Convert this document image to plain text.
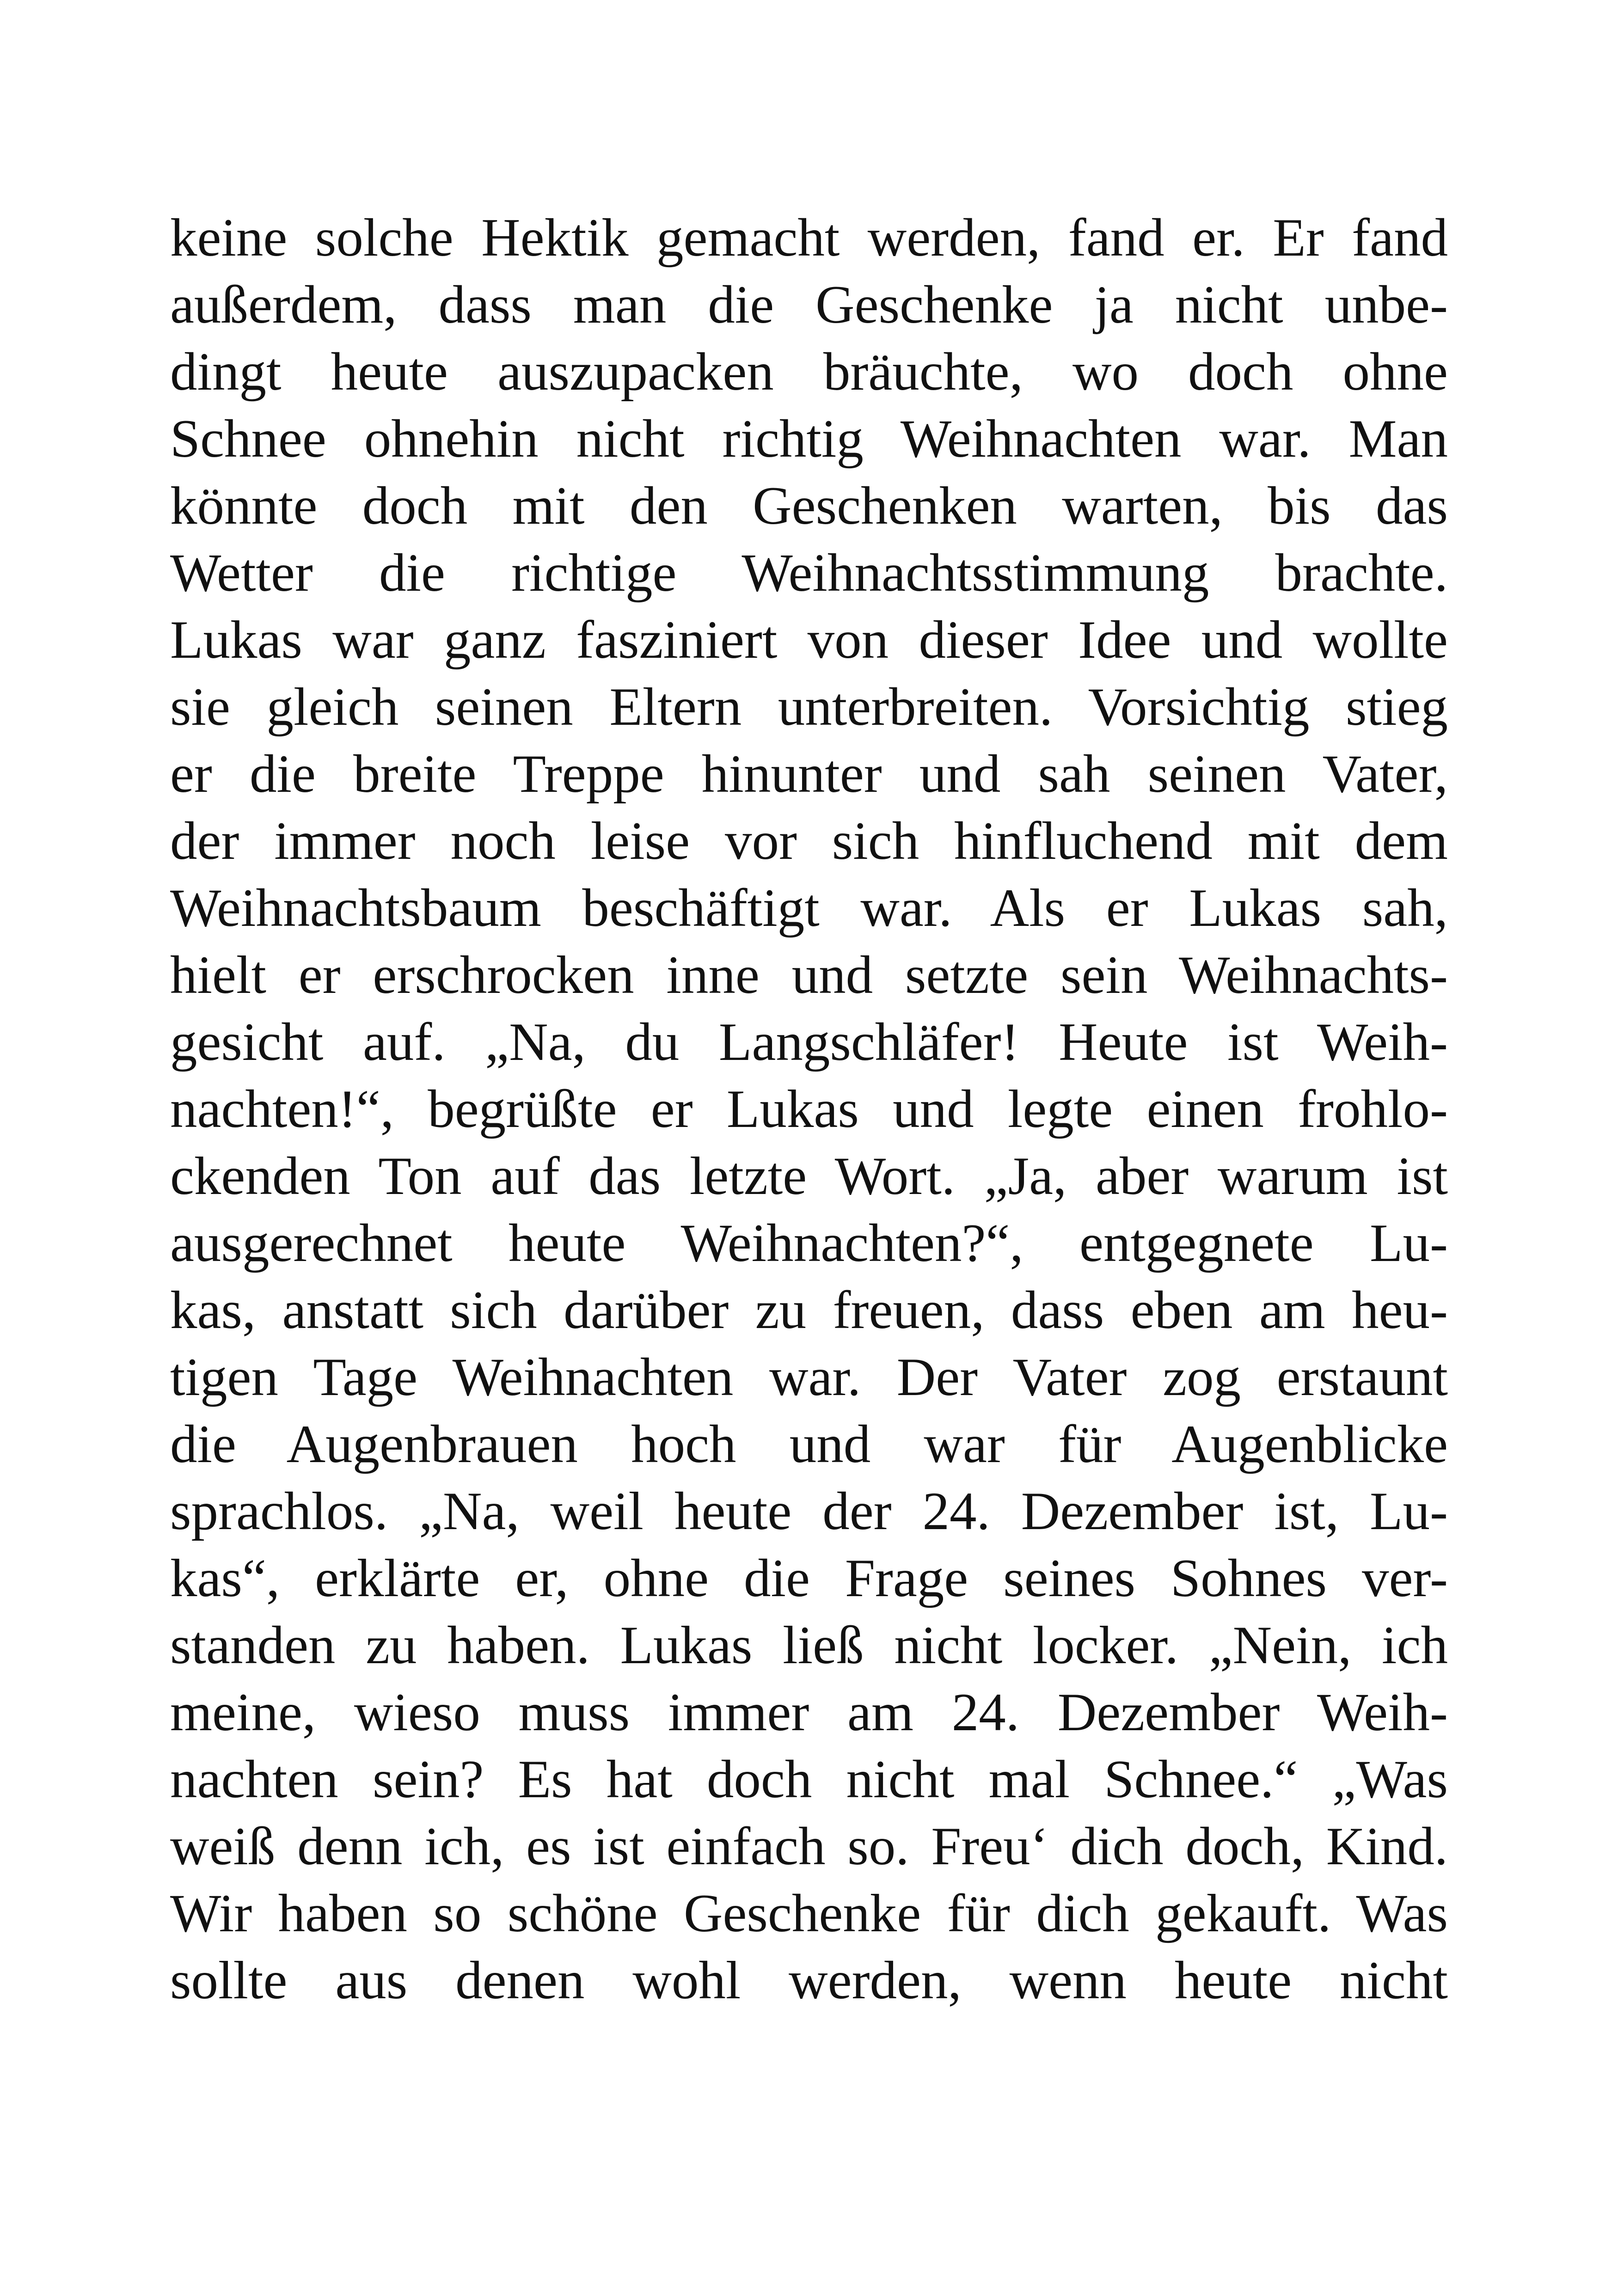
keine solche Hektik gemacht werden, fand er. Er fand
außerdem, dass man die Geschenke ja nicht unbe-
dingt heute auszupacken bräuchte, wo doch ohne
Schnee ohnehin nicht richtig Weihnachten war. Man
könnte doch mit den Geschenken warten, bis das
Wetter die richtige Weihnachtsstimmung brachte.
Lukas war ganz fasziniert von dieser Idee und wollte
sie gleich seinen Eltern unterbreiten. Vorsichtig stieg
er die breite Treppe hinunter und sah seinen Vater,
der immer noch leise vor sich hinfluchend mit dem
Weihnachtsbaum beschäftigt war. Als er Lukas sah,
hielt er erschrocken inne und setzte sein Weihnachts-
gesicht auf. „Na, du Langschläfer! Heute ist Weih-
nachten!“, begrüßte er Lukas und legte einen frohlo-
ckenden Ton auf das letzte Wort. „Ja, aber warum ist
ausgerechnet heute Weihnachten?“, entgegnete Lu-
kas, anstatt sich darüber zu freuen, dass eben am heu-
tigen Tage Weihnachten war. Der Vater zog erstaunt
die Augenbrauen hoch und war für Augenblicke
sprachlos. „Na, weil heute der 24. Dezember ist, Lu-
kas“, erklärte er, ohne die Frage seines Sohnes ver-
standen zu haben. Lukas ließ nicht locker. „Nein, ich
meine, wieso muss immer am 24. Dezember Weih-
nachten sein? Es hat doch nicht mal Schnee.“ „Was
weiß denn ich, es ist einfach so. Freu‘ dich doch, Kind.
Wir haben so schöne Geschenke für dich gekauft. Was
sollte aus denen wohl werden, wenn heute nicht
